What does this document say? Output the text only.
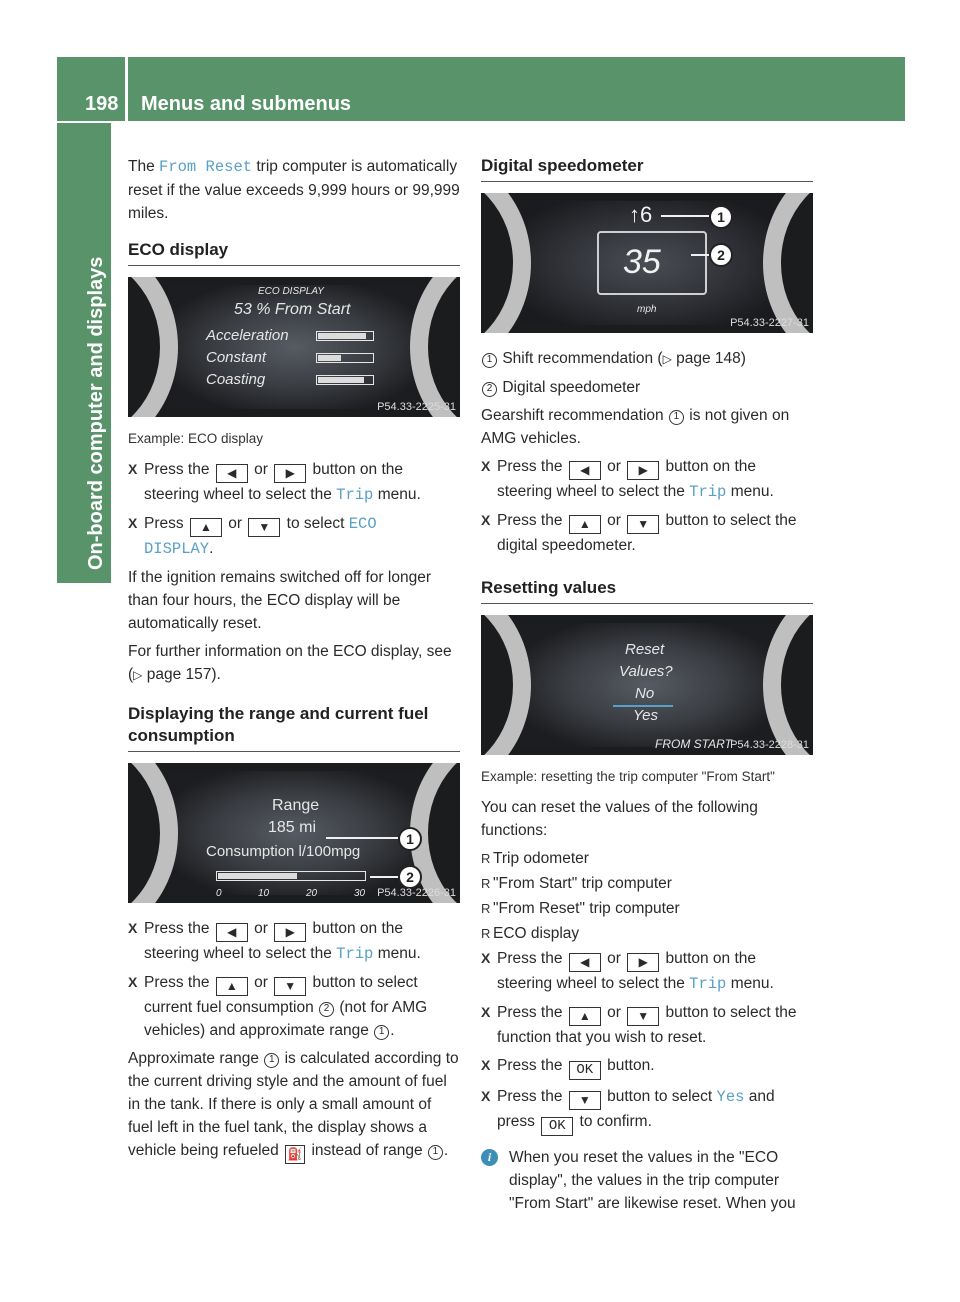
198 Menus and submenus
On-board computer and displays

The From Reset trip computer is automatically reset if the value exceeds 9,999 hours or 99,999 miles.

ECO display
ECO DISPLAY
53 % From Start
Acceleration
Constant
Coasting
P54.33-2225-31
Example: ECO display
X Press the ◀ or ▶ button on the steering wheel to select the Trip menu.
X Press ▲ or ▼ to select ECO
DISPLAY.

If the ignition remains switched off for longer than four hours, the ECO display will be automatically reset.

For further information on the ECO display, see (▷ page 157).

Displaying the range and current fuel consumption
Range
185 mi
Consumption l/100mpg
0	10	20	30
1
2
P54.33-2226-31
X Press the ◀ or ▶ button on the steering wheel to select the Trip menu.
X Press the ▲ or ▼ button to select current fuel consumption 2 (not for AMG vehicles) and approximate range 1 .

Approximate range 1 is calculated according to the current driving style and the amount of fuel in the tank. If there is only a small amount of fuel left in the fuel tank, the display shows a vehicle being refueled ⛽ instead of range 1 .

Digital speedometer
↑6
35
mph
1
2
P54.33-2227-31

1 Shift recommendation (▷ page 148)

2 Digital speedometer

Gearshift recommendation 1 is not given on AMG vehicles.

X Press the ◀ or ▶ button on the steering wheel to select the Trip menu.
X Press the ▲ or ▼ button to select the digital speedometer.
Resetting values
Reset
Values?
No
Yes
FROM START
P54.33-2228-31
Example: resetting the trip computer "From Start"

You can reset the values of the following functions:

R Trip odometer
R "From Start" trip computer
R "From Reset" trip computer
R ECO display
X Press the ◀ or ▶ button on the steering wheel to select the Trip menu.
X Press the ▲ or ▼ button to select the function that you wish to reset.
X Press the OK button.
X Press the ▼ button to select Yes and press OK to confirm.

i	When you reset the values in the "ECO display", the values in the trip computer "From Start" are likewise reset. When you
